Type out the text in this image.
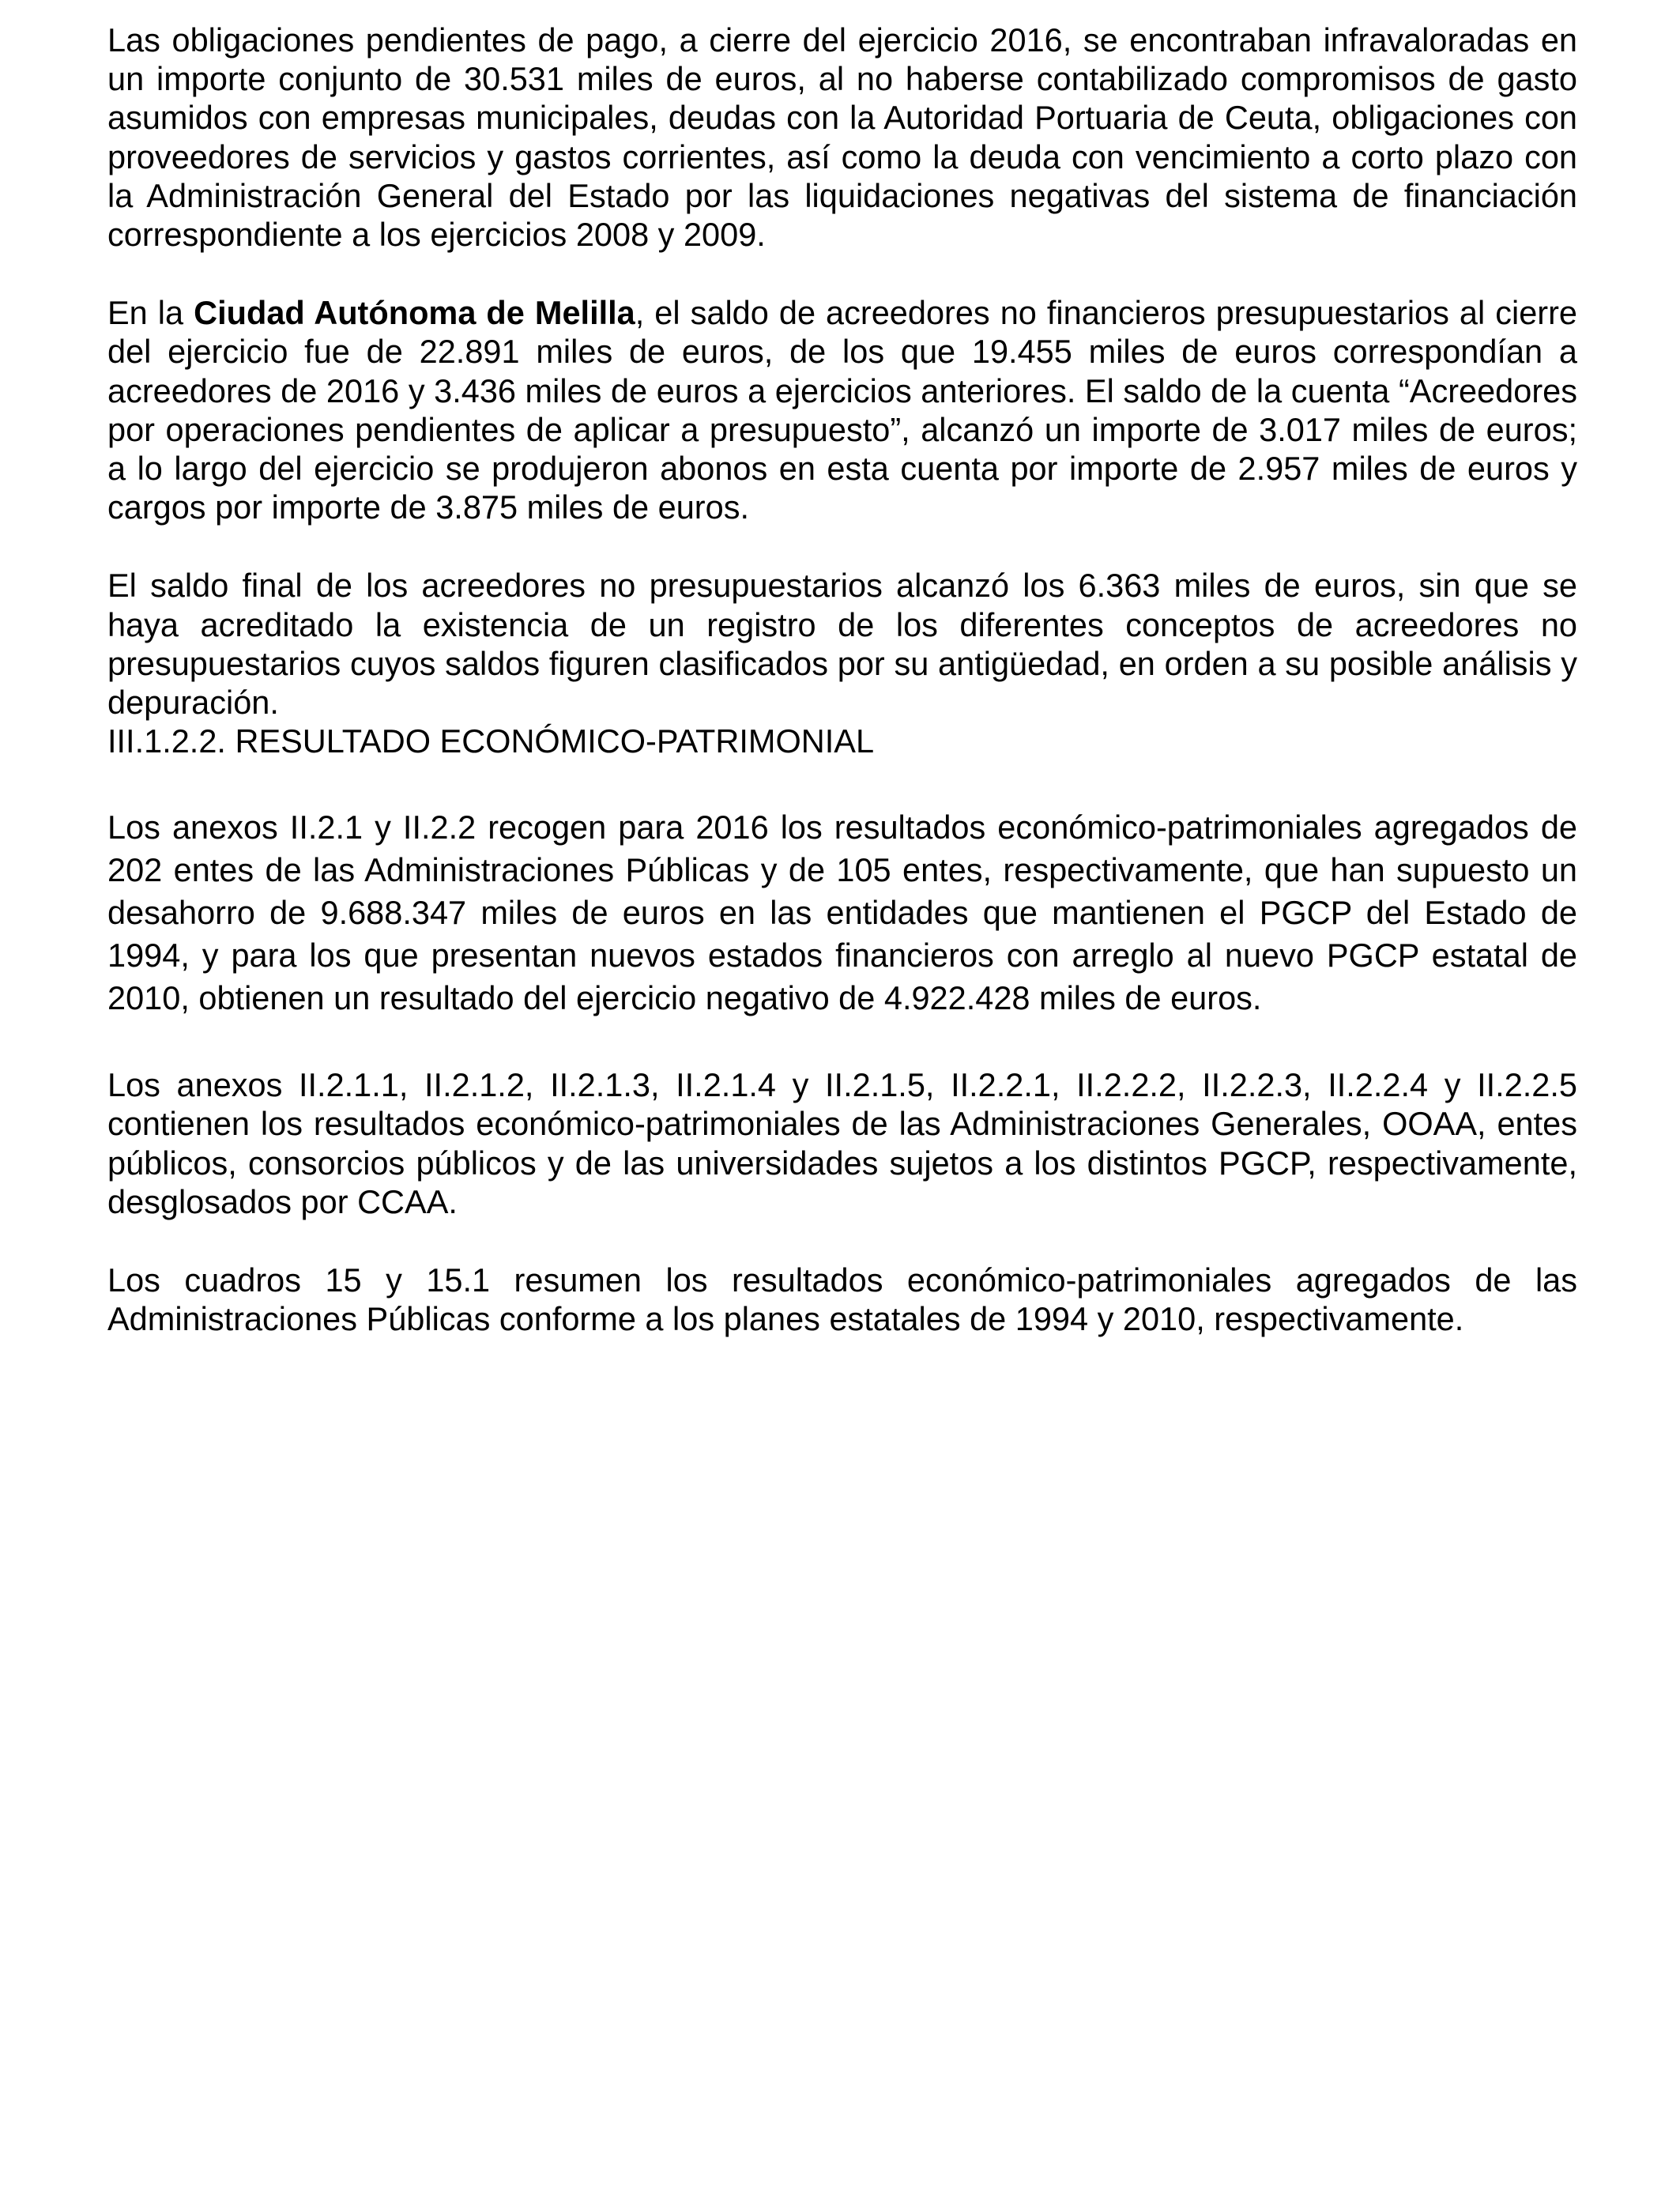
Las obligaciones pendientes de pago, a cierre del ejercicio 2016, se encontraban infravaloradas en un importe conjunto de 30.531 miles de euros, al no haberse contabilizado compromisos de gasto asumidos con empresas municipales, deudas con la Autoridad Portuaria de Ceuta, obligaciones con proveedores de servicios y gastos corrientes, así como la deuda con vencimiento a corto plazo con la Administración General del Estado por las liquidaciones negativas del sistema de financiación correspondiente a los ejercicios 2008 y 2009.

En la Ciudad Autónoma de Melilla, el saldo de acreedores no financieros presupuestarios al cierre del ejercicio fue de 22.891 miles de euros, de los que 19.455 miles de euros correspondían a acreedores de 2016 y 3.436 miles de euros a ejercicios anteriores. El saldo de la cuenta “Acreedores por operaciones pendientes de aplicar a presupuesto”, alcanzó un importe de 3.017 miles de euros; a lo largo del ejercicio se produjeron abonos en esta cuenta por importe de 2.957 miles de euros y cargos por importe de 3.875 miles de euros.

El saldo final de los acreedores no presupuestarios alcanzó los 6.363 miles de euros, sin que se haya acreditado la existencia de un registro de los diferentes conceptos de acreedores no presupuestarios cuyos saldos figuren clasificados por su antigüedad, en orden a su posible análisis y depuración.

III.1.2.2. RESULTADO ECONÓMICO-PATRIMONIAL

Los anexos II.2.1 y II.2.2 recogen para 2016 los resultados económico-patrimoniales agregados de 202 entes de las Administraciones Públicas y de 105 entes, respectivamente, que han supuesto un desahorro de 9.688.347 miles de euros en las entidades que mantienen el PGCP del Estado de 1994, y para los que presentan nuevos estados financieros con arreglo al nuevo PGCP estatal de 2010, obtienen un resultado del ejercicio negativo de 4.922.428 miles de euros.

Los anexos II.2.1.1, II.2.1.2, II.2.1.3, II.2.1.4 y II.2.1.5, II.2.2.1, II.2.2.2, II.2.2.3, II.2.2.4 y II.2.2.5 contienen los resultados económico-patrimoniales de las Administraciones Generales, OOAA, entes públicos, consorcios públicos y de las universidades sujetos a los distintos PGCP, respectivamente, desglosados por CCAA.

Los cuadros 15 y 15.1 resumen los resultados económico-patrimoniales agregados de las Administraciones Públicas conforme a los planes estatales de 1994 y 2010, respectivamente.
